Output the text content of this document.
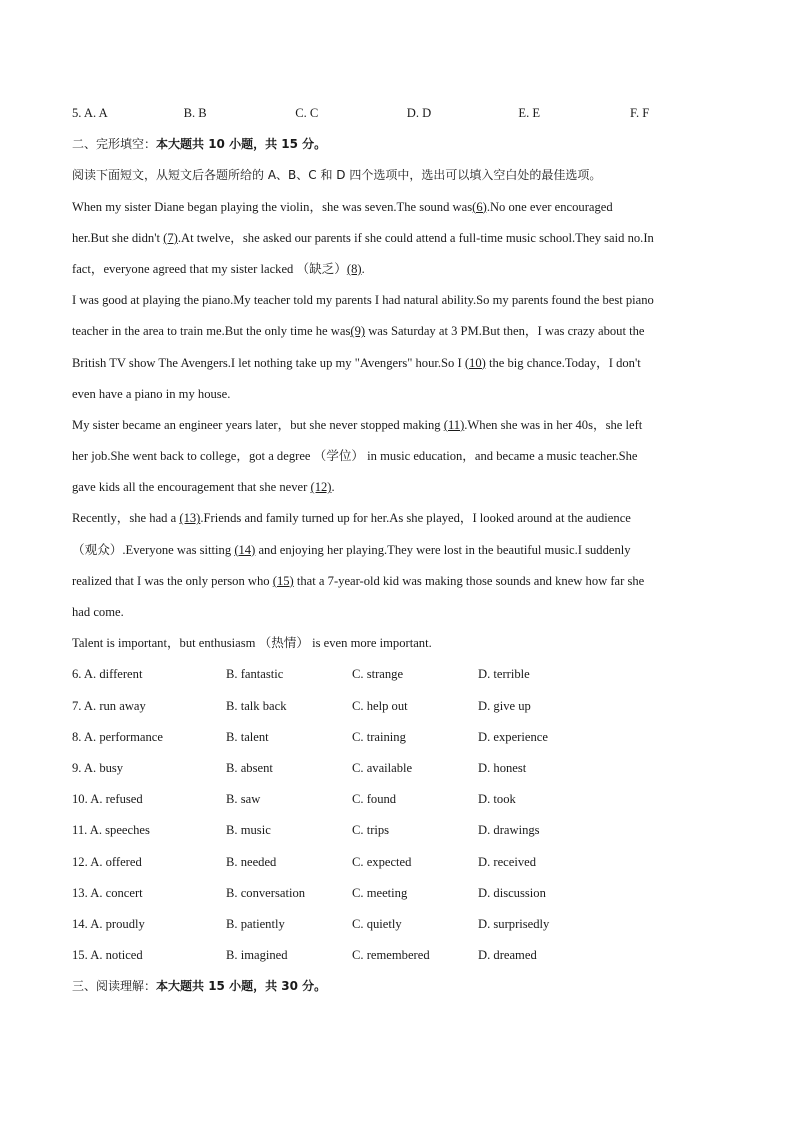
5. A. A	B. B	C. C	D. D	E. E	F. F
二、完形填空：本大题共 10 小题，共 15 分。
阅读下面短文，从短文后各题所给的 A、B、C 和 D 四个选项中，选出可以填入空白处的最佳选项。
When my sister Diane began playing the violin，she was seven.The sound was(6).No one ever encouraged
her.But she didn't (7).At twelve，she asked our parents if she could attend a full-time music school.They said no.In
fact，everyone agreed that my sister lacked （缺乏）(8).
I was good at playing the piano.My teacher told my parents I had natural ability.So my parents found the best piano
teacher in the area to train me.But the only time he was(9) was Saturday at 3 PM.But then，I was crazy about the
British TV show The Avengers.I let nothing take up my "Avengers" hour.So I (10) the big chance.Today，I don't
even have a piano in my house.
My sister became an engineer years later，but she never stopped making (11).When she was in her 40s，she left
her job.She went back to college，got a degree （学位） in music education，and became a music teacher.She
gave kids all the encouragement that she never (12).
Recently，she had a (13).Friends and family turned up for her.As she played，I looked around at the audience
（观众）.Everyone was sitting (14) and enjoying her playing.They were lost in the beautiful music.I suddenly
realized that I was the only person who (15) that a 7-year-old kid was making those sounds and knew how far she
had come.
Talent is important，but enthusiasm （热情） is even more important.
6. A. different	B. fantastic	C. strange	D. terrible
7. A. run away	B. talk back	C. help out	D. give up
8. A. performance	B. talent	C. training	D. experience
9. A. busy	B. absent	C. available	D. honest
10. A. refused	B. saw	C. found	D. took
11. A. speeches	B. music	C. trips	D. drawings
12. A. offered	B. needed	C. expected	D. received
13. A. concert	B. conversation	C. meeting	D. discussion
14. A. proudly	B. patiently	C. quietly	D. surprisedly
15. A. noticed	B. imagined	C. remembered	D. dreamed
三、阅读理解：本大题共 15 小题，共 30 分。
